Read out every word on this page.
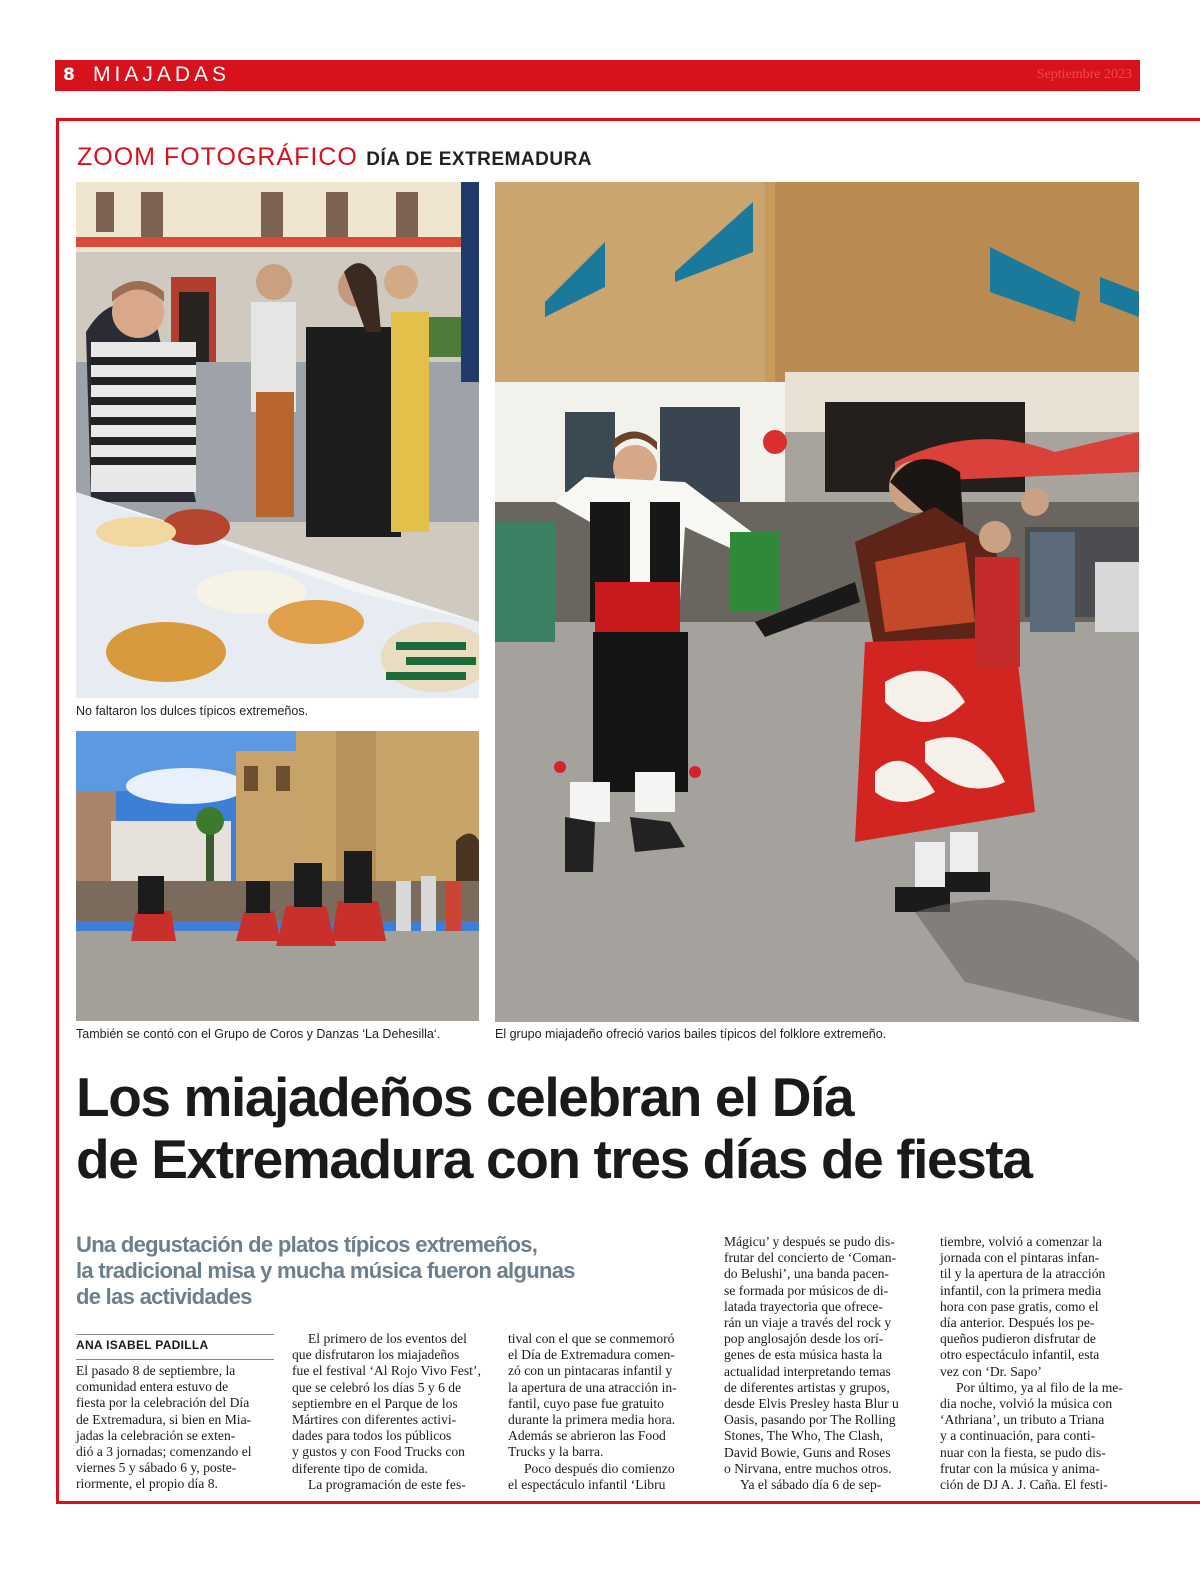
8 MIAJADAS	Septiembre 2023
ZOOM FOTOGRÁFICO DÍA DE EXTREMADURA
No faltaron los dulces típicos extremeños.
También se contó con el Grupo de Coros y Danzas ‘La Dehesilla‘.	El grupo miajadeño ofreció varios bailes típicos del folklore extremeño.
Los miajadeños celebran el Día
de Extremadura con tres días de fiesta
Una degustación de platos típicos extremeños,
la tradicional misa y mucha música fueron algunas
de las actividades
ANA ISABEL PADILLA

El pasado 8 de septiembre, la

comunidad entera estuvo de

fiesta por la celebración del Día

de Extremadura, si bien en Mia-

jadas la celebración se exten-

dió a 3 jornadas; comenzando el

viernes 5 y sábado 6 y, poste-

riormente, el propio día 8.

El primero de los eventos del

que disfrutaron los miajadeños

fue el festival ‘Al Rojo Vivo Fest’,

que se celebró los días 5 y 6 de

septiembre en el Parque de los

Mártires con diferentes activi-

dades para todos los públicos

y gustos y con Food Trucks con

diferente tipo de comida.

La programación de este fes-

tival con el que se conmemoró

el Día de Extremadura comen-

zó con un pintacaras infantil y

la apertura de una atracción in-

fantil, cuyo pase fue gratuito

durante la primera media hora.

Además se abrieron las Food

Trucks y la barra.

Poco después dio comienzo

el espectáculo infantil ‘Libru

Mágicu’ y después se pudo dis-

frutar del concierto de ‘Coman-

do Belushi’, una banda pacen-

se formada por músicos de di-

latada trayectoria que ofrece-

rán un viaje a través del rock y

pop anglosajón desde los orí-

genes de esta música hasta la

actualidad interpretando temas

de diferentes artistas y grupos,

desde Elvis Presley hasta Blur u

Oasis, pasando por The Rolling

Stones, The Who, The Clash,

David Bowie, Guns and Roses

o Nirvana, entre muchos otros.

Ya el sábado día 6 de sep-

tiembre, volvió a comenzar la

jornada con el pintaras infan-

til y la apertura de la atracción

infantil, con la primera media

hora con pase gratis, como el

día anterior. Después los pe-

queños pudieron disfrutar de

otro espectáculo infantil, esta

vez con ‘Dr. Sapo’

Por último, ya al filo de la me-

dia noche, volvió la música con

‘Athriana’, un tributo a Triana

y a continuación, para conti-

nuar con la fiesta, se pudo dis-

frutar con la música y anima-

ción de DJ A. J. Caña. El festi-
